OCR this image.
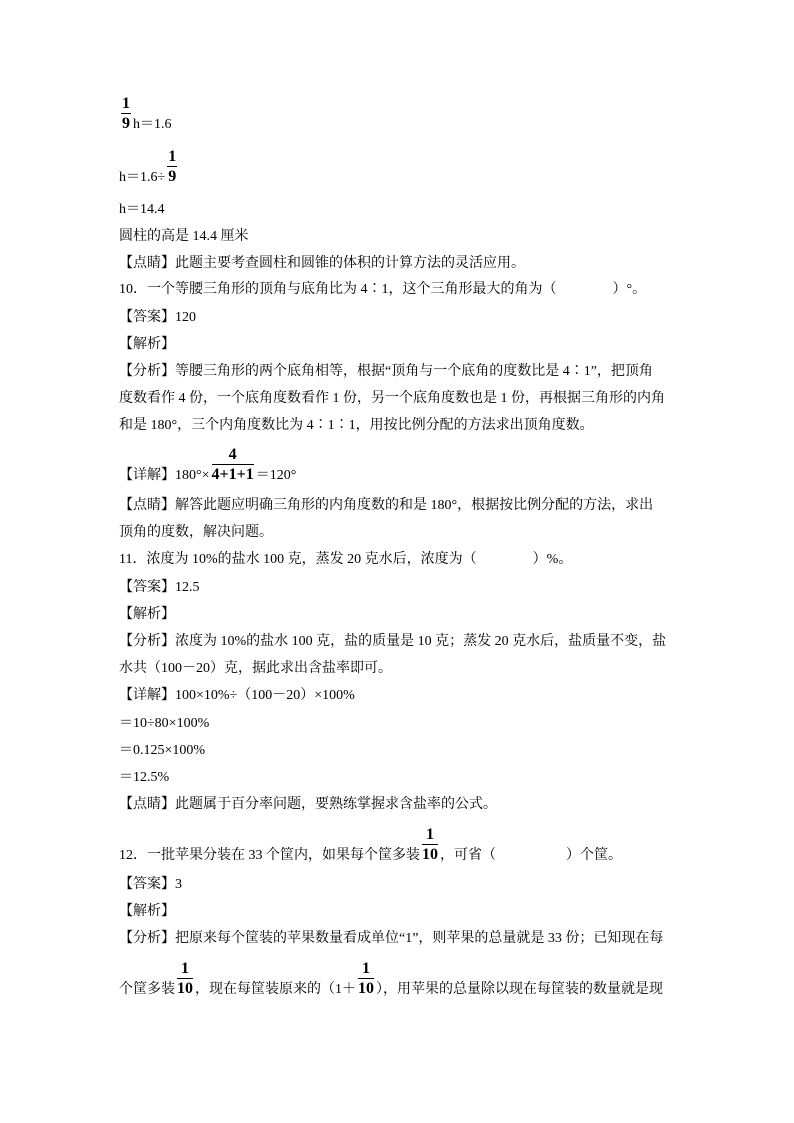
$\frac{1}{9} h=1.6$
$h=1.6\div \frac{1}{9}$
h＝14.4
圆柱的高是 14.4 厘米
【点睛】此题主要考查圆柱和圆锥的体积的计算方法的灵活应用。
10．一个等腰三角形的顶角与底角比为 4∶1，这个三角形最大的角为（	）°。
【答案】120
【解析】
【分析】等腰三角形的两个底角相等，根据“顶角与一个底角的度数比是 4∶1”，把顶角
度数看作 4 份，一个底角度数看作 1 份，另一个底角度数也是 1 份，再根据三角形的内角
和是 180°，三个内角度数比为 4∶1∶1，用按比例分配的方法求出顶角度数。
【详解】$180^\circ\times \frac{4}{4+1+1} =120^\circ$
【点睛】解答此题应明确三角形的内角度数的和是 180°，根据按比例分配的方法，求出
顶角的度数，解决问题。
11．浓度为 10%的盐水 100 克，蒸发 20 克水后，浓度为（	）%。
【答案】12.5
【解析】
【分析】浓度为 10%的盐水 100 克，盐的质量是 10 克；蒸发 20 克水后，盐质量不变，盐
水共（100－20）克，据此求出含盐率即可。
【详解】100×10%÷（100－20）×100%
＝10÷80×100%
＝0.125×100%
＝12.5%
【点睛】此题属于百分率问题，要熟练掌握求含盐率的公式。
12．一批苹果分装在 33 个筐内，如果每个筐多装 $\frac{1}{10}$ ，可省（	）个筐。
【答案】3
【解析】
【分析】把原来每个筐装的苹果数量看成单位“1”，则苹果的总量就是 33 份；已知现在每
个筐多装 $\frac{1}{10}$ ，现在每筐装原来的（$1+ \frac{1}{10}$ ），用苹果的总量除以现在每筐装的数量就是现
